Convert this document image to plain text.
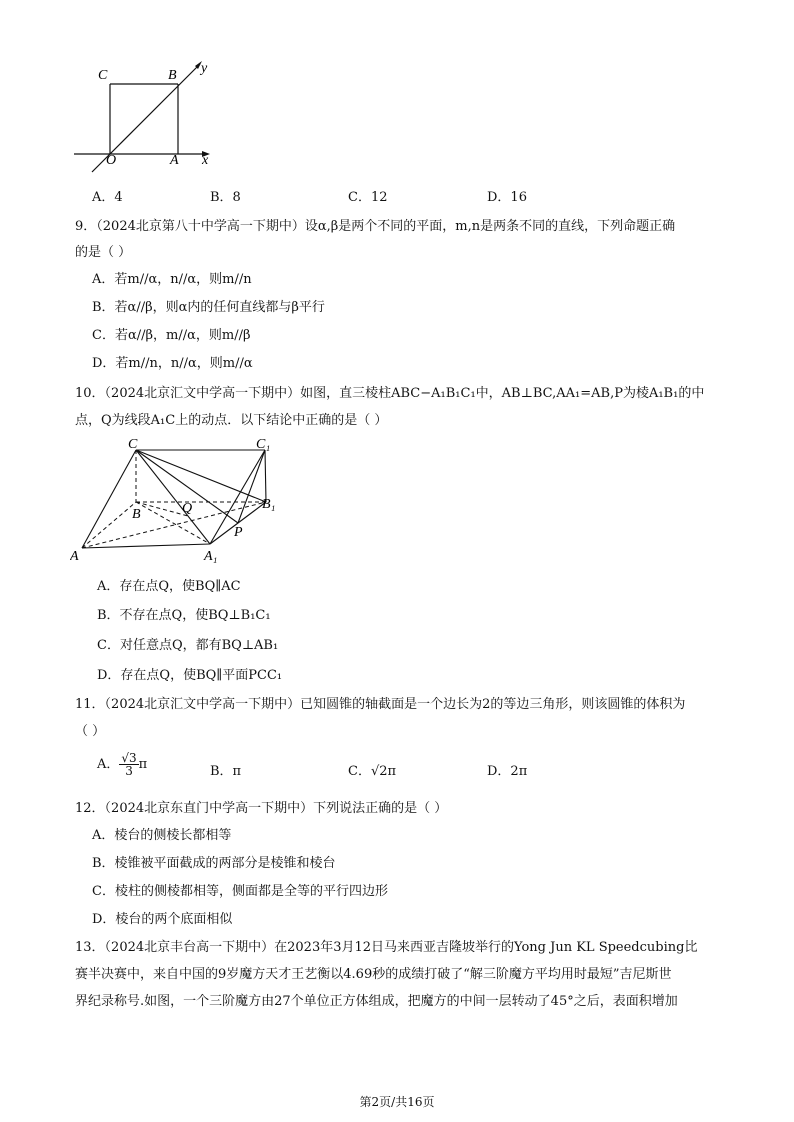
C	B y
O	A x
A．4	B．8	C．12	D．16
9．（2024北京第八十中学高一下期中）设α,β是两个不同的平面，m,n是两条不同的直线，下列命题正确
的是（ ）
A．若m//α，n//α，则m//n
B．若α//β，则α内的任何直线都与β平行
C．若α//β，m//α，则m//β
D．若m//n，n//α，则m//α
10．（2024北京汇文中学高一下期中）如图，直三棱柱ABC−A₁B₁C₁中，AB⊥BC,AA₁=AB,P为棱A₁B₁的中
点，Q为线段A₁C上的动点．以下结论中正确的是（ ）
C	C₁
B	Q	B₁
P
A	A₁
A．存在点Q，使BQ∥AC
B．不存在点Q，使BQ⊥B₁C₁
C．对任意点Q，都有BQ⊥AB₁
D．存在点Q，使BQ∥平面PCC₁
11．（2024北京汇文中学高一下期中）已知圆锥的轴截面是一个边长为2的等边三角形，则该圆锥的体积为
（ ）
A． $\frac{√3}{3}$ π	B．π	C．√2π	D．2π
12．（2024北京东直门中学高一下期中）下列说法正确的是（ ）
A．棱台的侧棱长都相等
B．棱锥被平面截成的两部分是棱锥和棱台
C．棱柱的侧棱都相等，侧面都是全等的平行四边形
D．棱台的两个底面相似
13．（2024北京丰台高一下期中）在2023年3月12日马来西亚吉隆坡举行的Yong Jun KL Speedcubing比
赛半决赛中，来自中国的9岁魔方天才王艺衡以4.69秒的成绩打破了“解三阶魔方平均用时最短”吉尼斯世
界纪录称号.如图，一个三阶魔方由27个单位正方体组成，把魔方的中间一层转动了45°之后，表面积增加
第2页/共16页
